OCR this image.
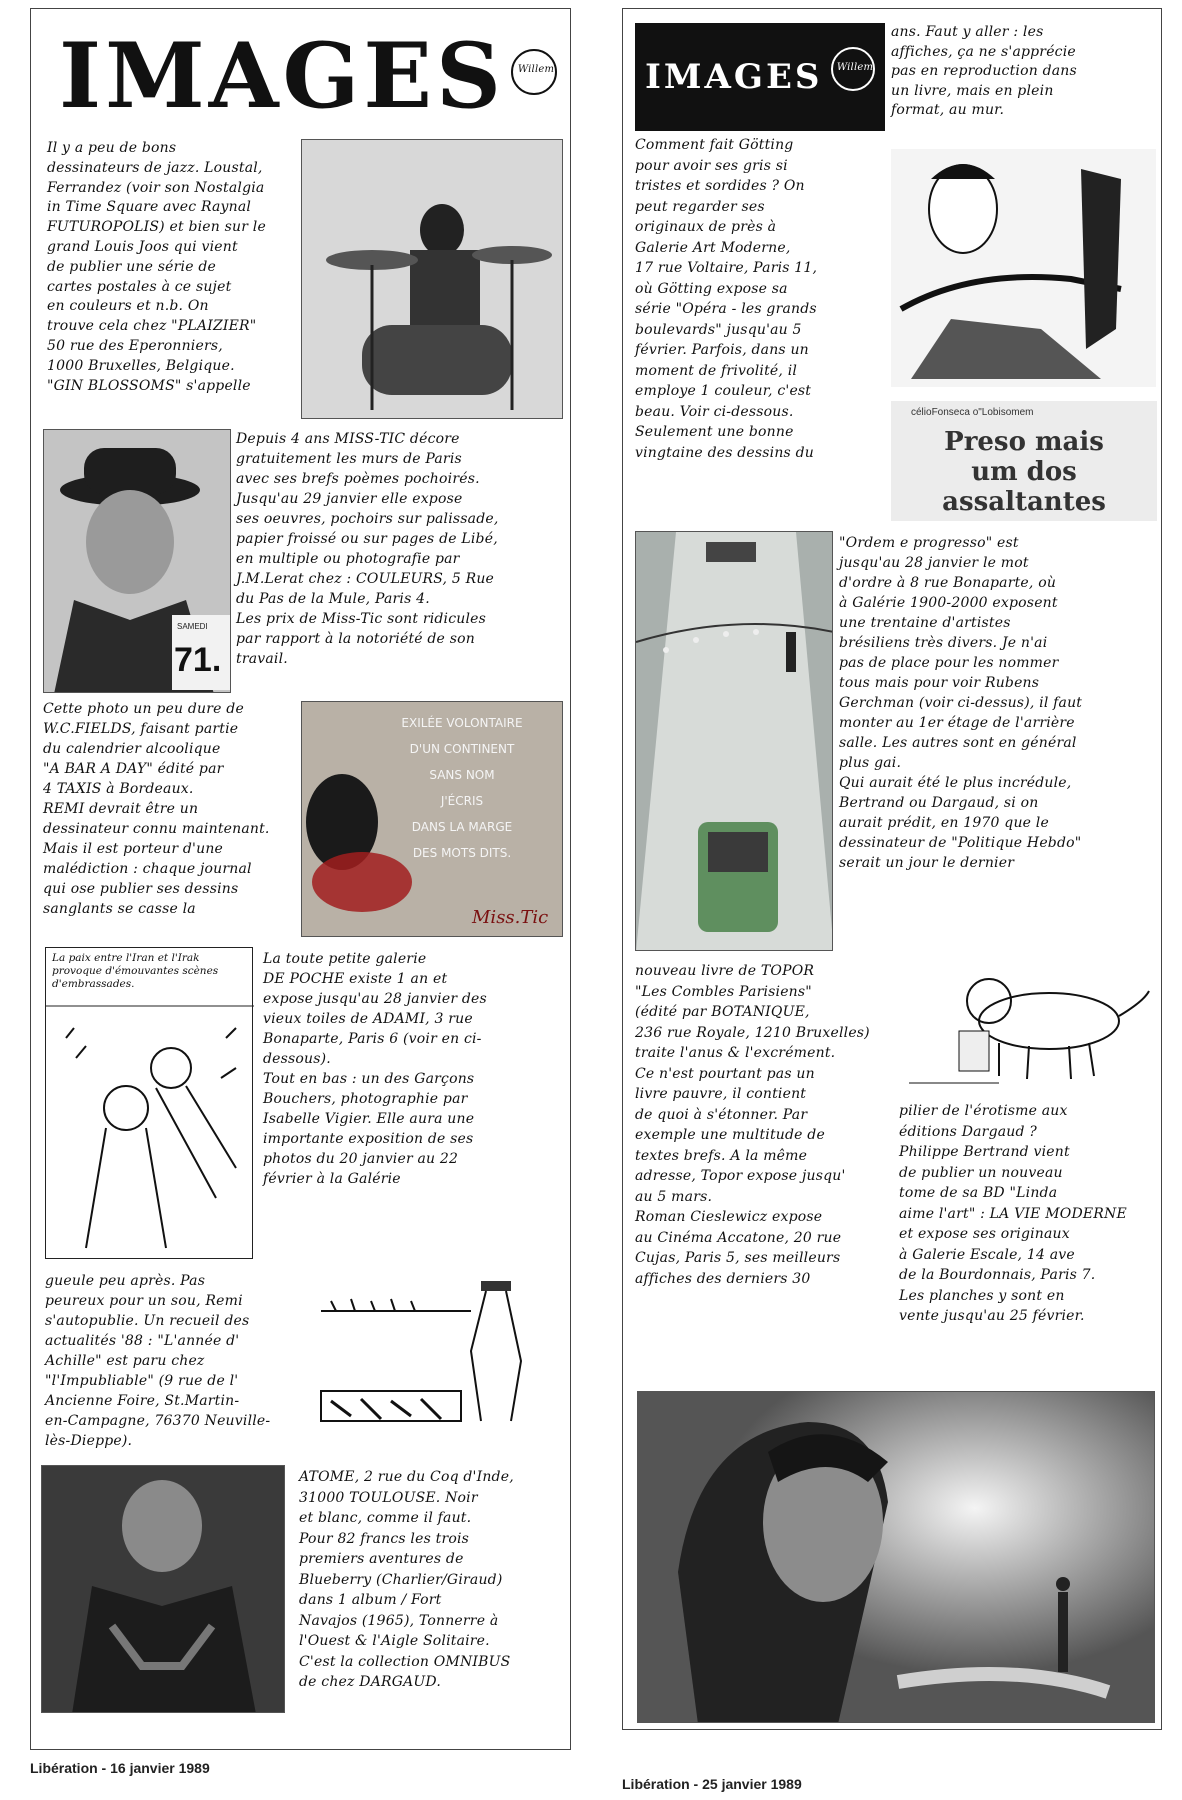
IMAGES	Willem
Il y a peu de bons
dessinateurs de jazz. Loustal,
Ferrandez (voir son Nostalgia
in Time Square avec Raynal
FUTUROPOLIS) et bien sur le
grand Louis Joos qui vient
de publier une série de
cartes postales à ce sujet
en couleurs et n.b. On
trouve cela chez "PLAIZIER"
50 rue des Eperonniers,
1000 Bruxelles, Belgique.
"GIN BLOSSOMS" s'appelle
SAMEDI
71.
Depuis 4 ans MISS-TIC décore
gratuitement les murs de Paris
avec ses brefs poèmes pochoirés.
Jusqu'au 29 janvier elle expose
ses oeuvres, pochoirs sur palissade,
papier froissé ou sur pages de Libé,
en multiple ou photografie par
J.M.Lerat chez : COULEURS, 5 Rue
du Pas de la Mule, Paris 4.
Les prix de Miss-Tic sont ridicules
par rapport à la notoriété de son
travail.
Cette photo un peu dure de
W.C.FIELDS, faisant partie
du calendrier alcoolique
"A BAR A DAY" édité par
4 TAXIS à Bordeaux.
REMI devrait être un
dessinateur connu maintenant.
Mais il est porteur d'une
malédiction : chaque journal
qui ose publier ses dessins
sanglants se casse la
EXILÉE VOLONTAIRE
D'UN CONTINENT
SANS NOM
J'ÉCRIS
DANS LA MARGE
DES MOTS DITS.
Miss.Tic
La paix entre l'Iran et l'Irak
provoque d'émouvantes scènes
d'embrassades.
La toute petite galerie
DE POCHE existe 1 an et
expose jusqu'au 28 janvier des
vieux toiles de ADAMI, 3 rue
Bonaparte, Paris 6 (voir en ci-
dessous).
Tout en bas : un des Garçons
Bouchers, photographie par
Isabelle Vigier. Elle aura une
importante exposition de ses
photos du 20 janvier au 22
février à la Galérie
gueule peu après. Pas
peureux pour un sou, Remi
s'autopublie. Un recueil des
actualités '88 : "L'année d'
Achille" est paru chez
"l'Impubliable" (9 rue de l'
Ancienne Foire, St.Martin-
en-Campagne, 76370 Neuville-
lès-Dieppe).
ATOME, 2 rue du Coq d'Inde,
31000 TOULOUSE. Noir
et blanc, comme il faut.
Pour 82 francs les trois
premiers aventures de
Blueberry (Charlier/Giraud)
dans 1 album / Fort
Navajos (1965), Tonnerre à
l'Ouest & l'Aigle Solitaire.
C'est la collection OMNIBUS
de chez DARGAUD.
Libération - 16 janvier 1989
IMAGES	Willem
ans. Faut y aller : les
affiches, ça ne s'apprécie
pas en reproduction dans
un livre, mais en plein
format, au mur.
Comment fait Götting
pour avoir ses gris si
tristes et sordides ? On
peut regarder ses
originaux de près à
Galerie Art Moderne,
17 rue Voltaire, Paris 11,
où Götting expose sa
série "Opéra - les grands
boulevards" jusqu'au 5
février. Parfois, dans un
moment de frivolité, il
employe 1 couleur, c'est
beau. Voir ci-dessous.
Seulement une bonne
vingtaine des dessins du
célioFonseca o"Lobisomem
Preso mais
um dos
assaltantes
"Ordem e progresso" est
jusqu'au 28 janvier le mot
d'ordre à 8 rue Bonaparte, où
à Galérie 1900-2000 exposent
une trentaine d'artistes
brésiliens très divers. Je n'ai
pas de place pour les nommer
tous mais pour voir Rubens
Gerchman (voir ci-dessus), il faut
monter au 1er étage de l'arrière
salle. Les autres sont en général
plus gai.
Qui aurait été le plus incrédule,
Bertrand ou Dargaud, si on
aurait prédit, en 1970 que le
dessinateur de "Politique Hebdo"
serait un jour le dernier
nouveau livre de TOPOR
"Les Combles Parisiens"
(édité par BOTANIQUE,
236 rue Royale, 1210 Bruxelles)
traite l'anus & l'excrément.
Ce n'est pourtant pas un
livre pauvre, il contient
de quoi à s'étonner. Par
exemple une multitude de
textes brefs. A la même
adresse, Topor expose jusqu'
au 5 mars.
Roman Cieslewicz expose
au Cinéma Accatone, 20 rue
Cujas, Paris 5, ses meilleurs
affiches des derniers 30
pilier de l'érotisme aux
éditions Dargaud ?
Philippe Bertrand vient
de publier un nouveau
tome de sa BD "Linda
aime l'art" : LA VIE MODERNE
et expose ses originaux
à Galerie Escale, 14 ave
de la Bourdonnais, Paris 7.
Les planches y sont en
vente jusqu'au 25 février.
Libération - 25 janvier 1989
